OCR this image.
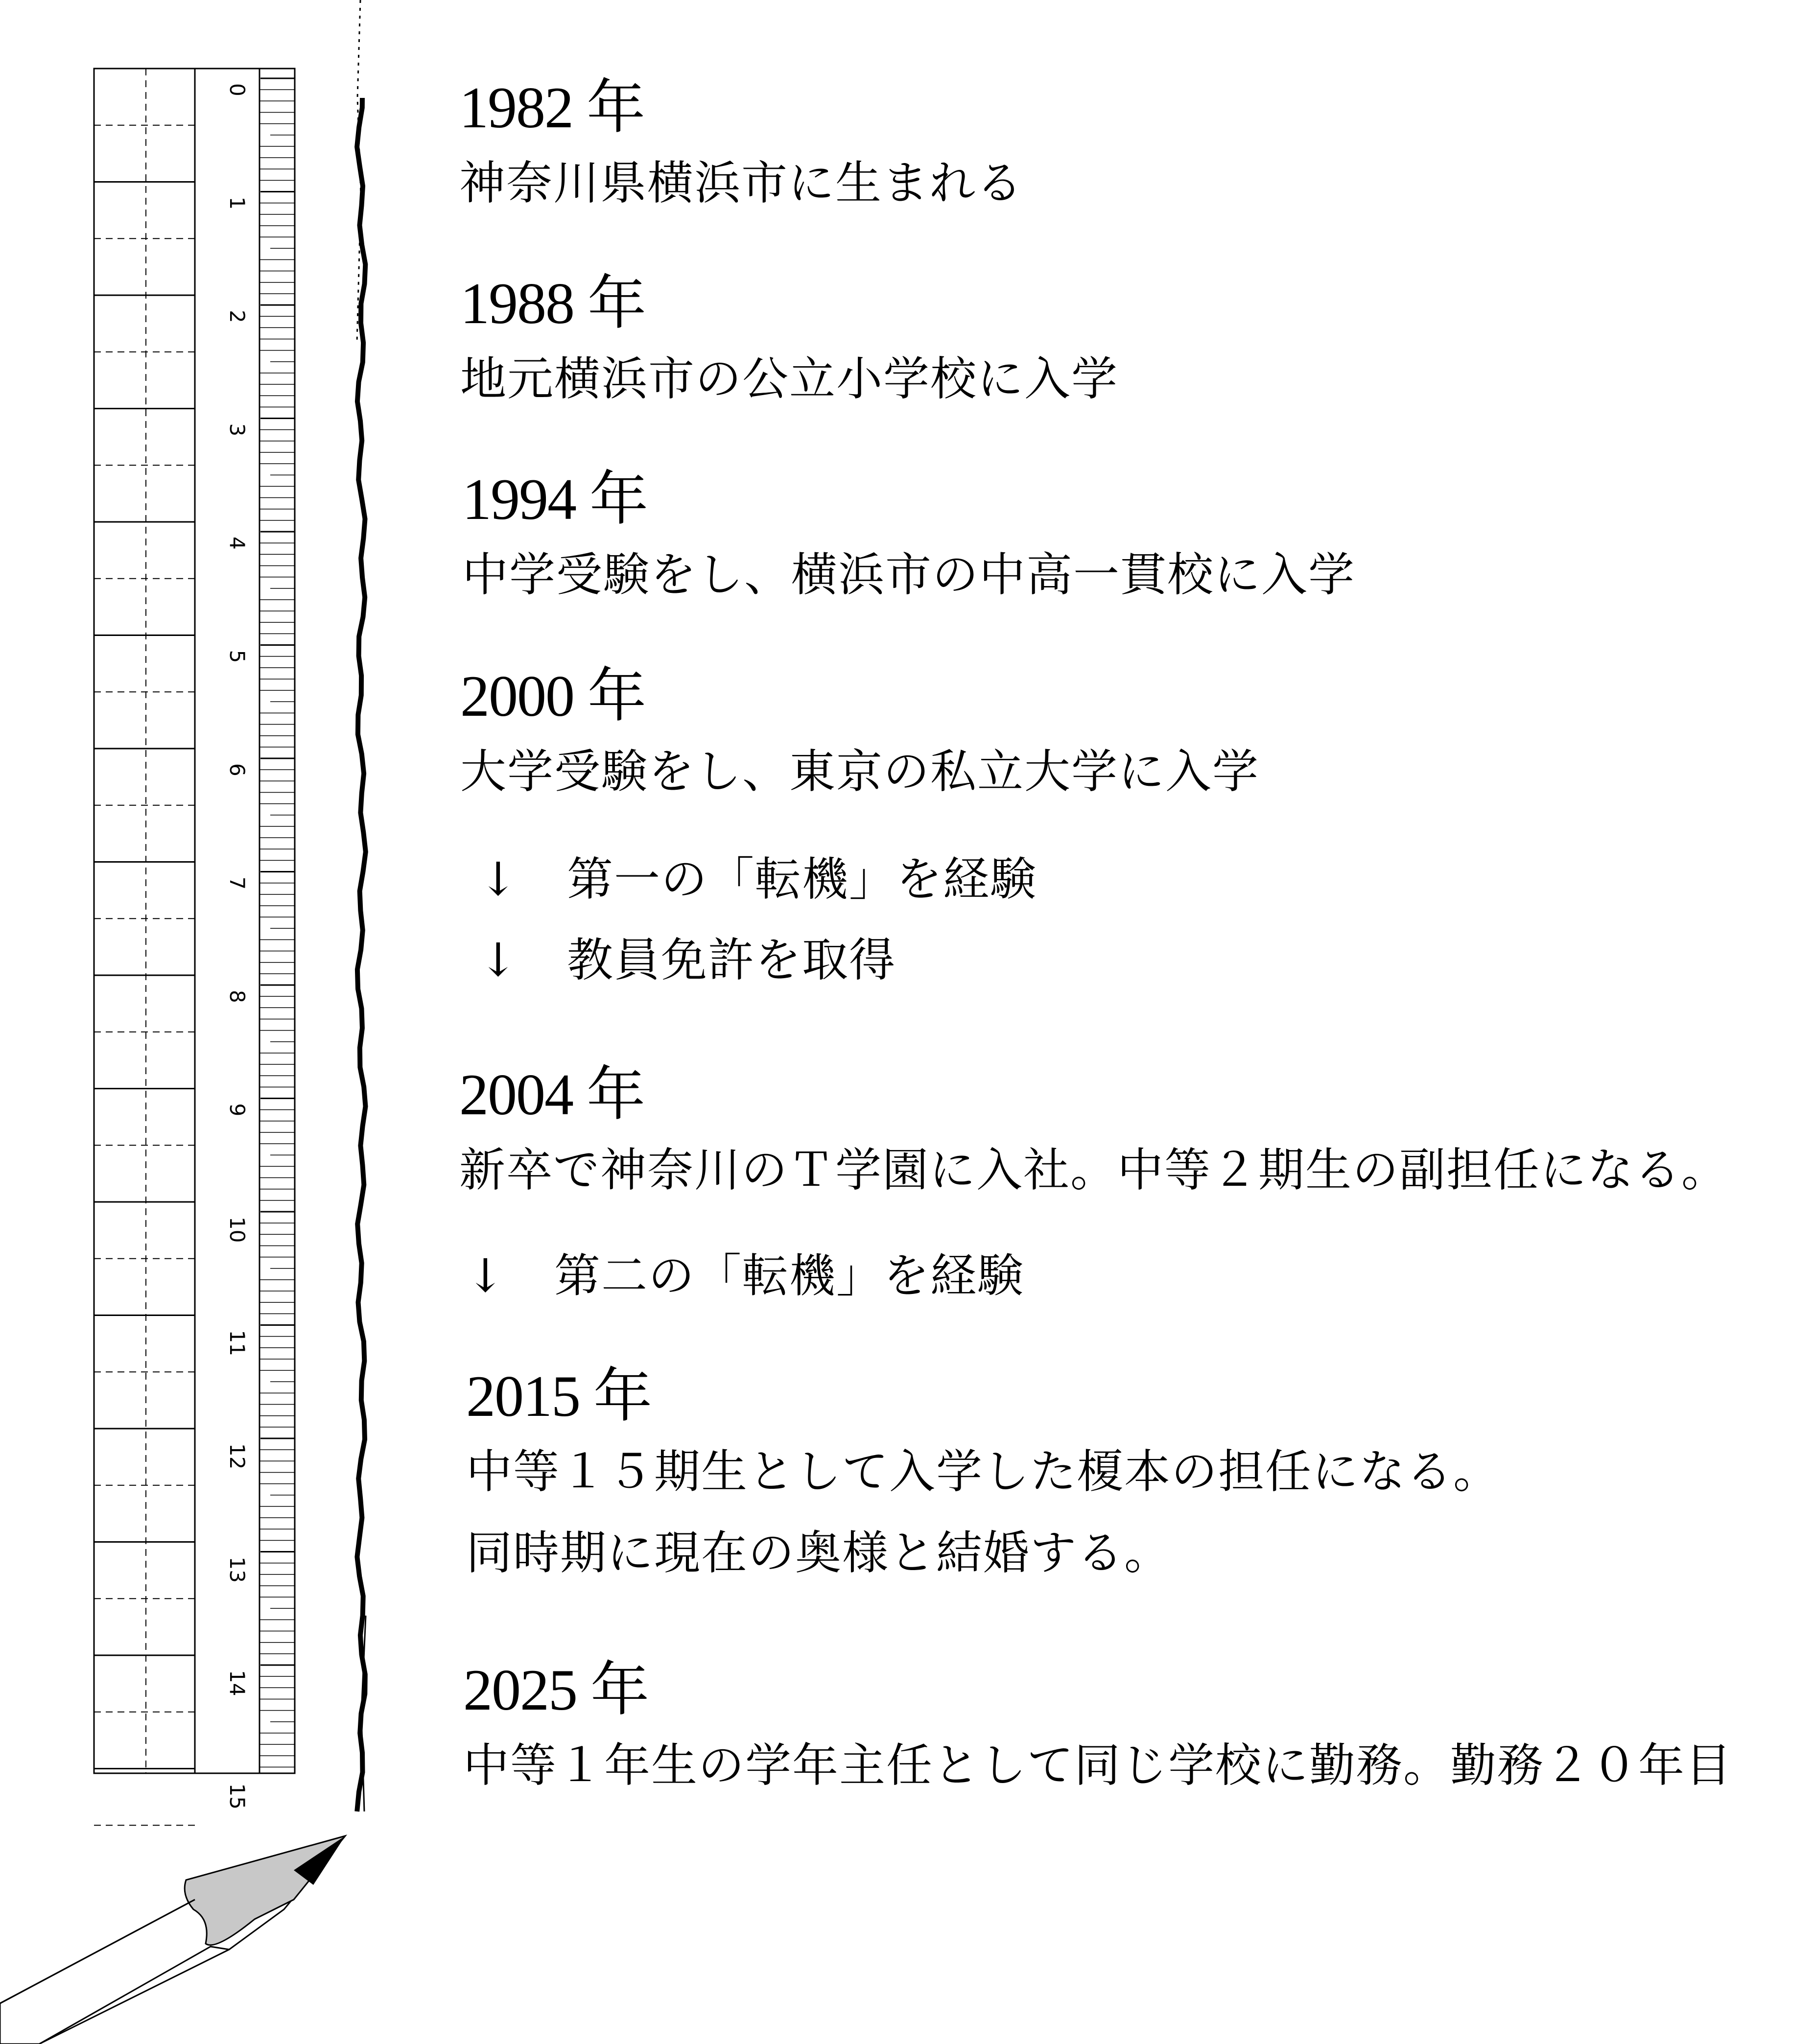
0
1
2
3
4
5
6
7
8
9
10
11
12
13
14
15
1982 年
神奈川県横浜市に生まれる
1988 年
地元横浜市の公立小学校に入学
1994 年
中学受験をし、横浜市の中高一貫校に入学
2000 年
大学受験をし、東京の私立大学に入学
↓ 第一の「転機」を経験
↓ 教員免許を取得
2004 年
新卒で神奈川のＴ学園に入社。中等２期生の副担任になる。
↓ 第二の「転機」を経験
2015 年
中等１５期生として入学した榎本の担任になる。
同時期に現在の奥様と結婚する。
2025 年
中等１年生の学年主任として同じ学校に勤務。勤務２０年目
